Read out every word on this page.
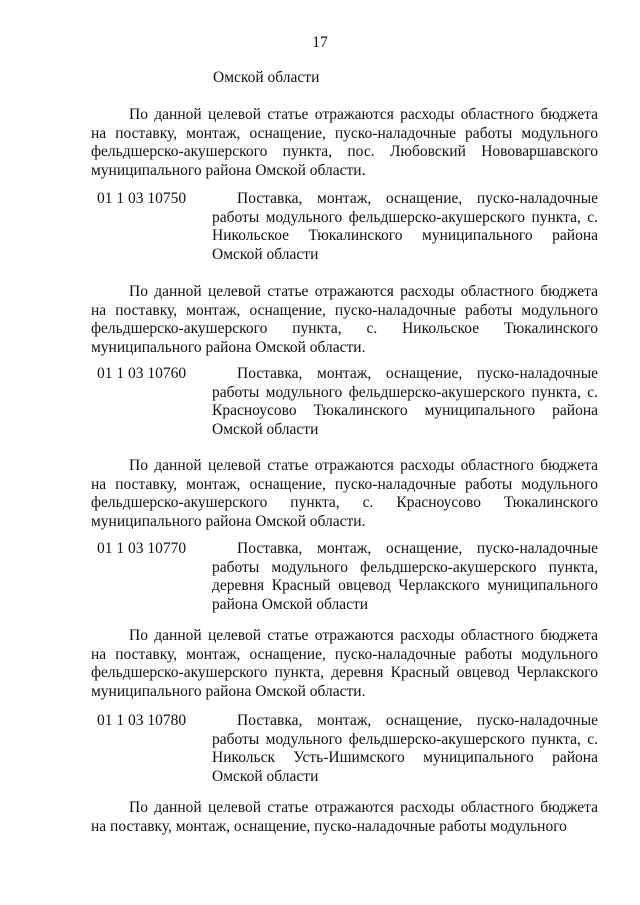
17

Омской области

По данной целевой статье отражаются расходы областного бюджета на поставку, монтаж, оснащение, пуско-наладочные работы модульного фельдшерско-акушерского пункта, пос. Любовский Нововаршавского муниципального района Омской области.

01 1 03 10750	Поставка, монтаж, оснащение, пуско-наладочные работы модульного фельдшерско-акушерского пункта, с. Никольское Тюкалинского муниципального района Омской области

По данной целевой статье отражаются расходы областного бюджета на поставку, монтаж, оснащение, пуско-наладочные работы модульного фельдшерско-акушерского пункта, с. Никольское Тюкалинского муниципального района Омской области.

01 1 03 10760	Поставка, монтаж, оснащение, пуско-наладочные работы модульного фельдшерско-акушерского пункта, с. Красноусово Тюкалинского муниципального района Омской области

По данной целевой статье отражаются расходы областного бюджета на поставку, монтаж, оснащение, пуско-наладочные работы модульного фельдшерско-акушерского пункта, с. Красноусово Тюкалинского муниципального района Омской области.

01 1 03 10770	Поставка, монтаж, оснащение, пуско-наладочные работы модульного фельдшерско-акушерского пункта, деревня Красный овцевод Черлакского муниципального района Омской области

По данной целевой статье отражаются расходы областного бюджета на поставку, монтаж, оснащение, пуско-наладочные работы модульного фельдшерско-акушерского пункта, деревня Красный овцевод Черлакского муниципального района Омской области.

01 1 03 10780	Поставка, монтаж, оснащение, пуско-наладочные работы модульного фельдшерско-акушерского пункта, с. Никольск Усть-Ишимского муниципального района Омской области

По данной целевой статье отражаются расходы областного бюджета на поставку, монтаж, оснащение, пуско-наладочные работы модульного
